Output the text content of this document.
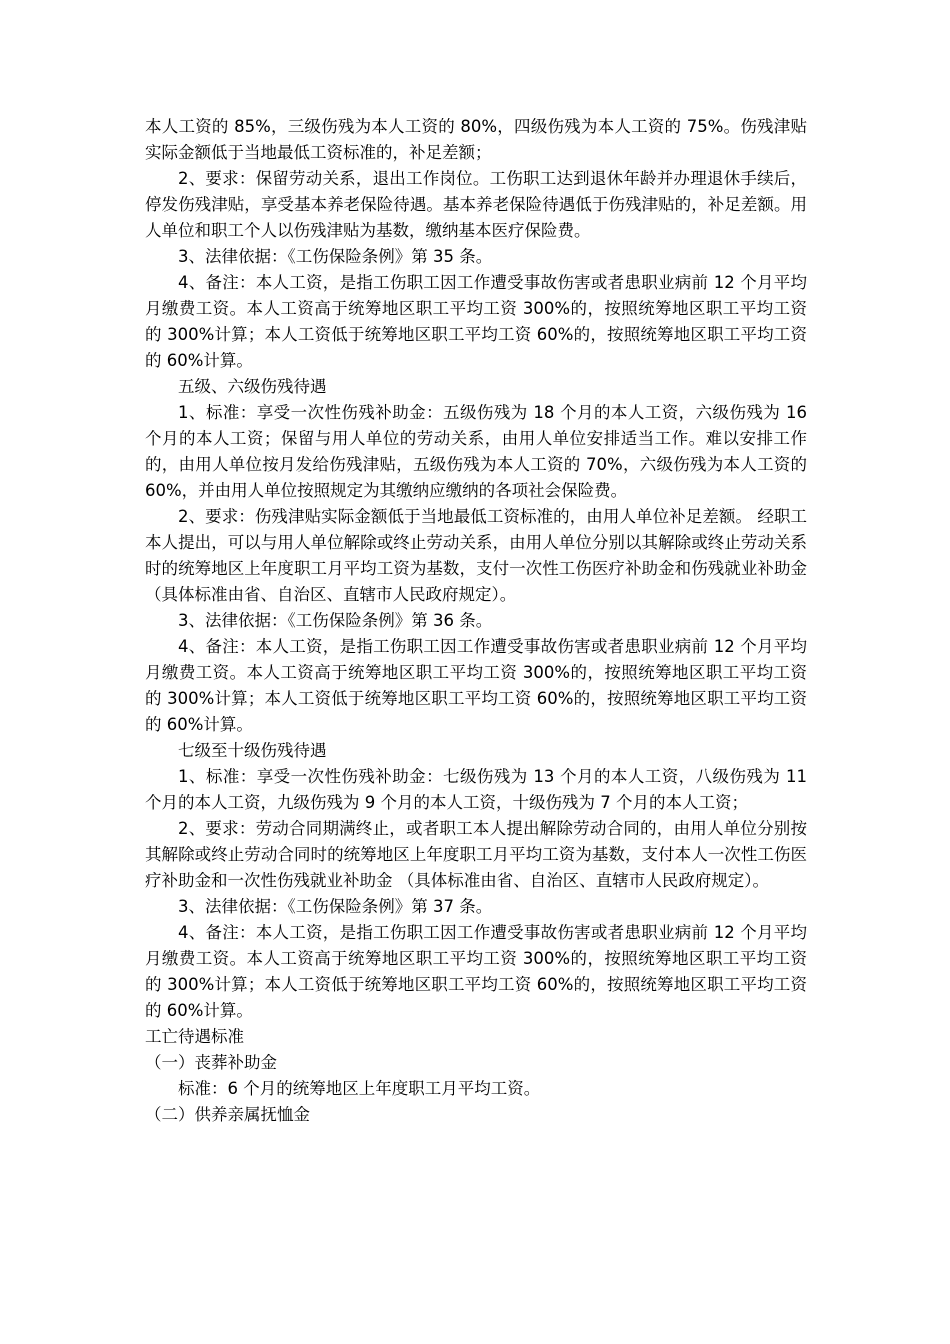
本人工资的 85%，三级伤残为本人工资的 80%，四级伤残为本人工资的 75%。伤残津贴实际金额低于当地最低工资标准的，补足差额；

2、要求：保留劳动关系，退出工作岗位。工伤职工达到退休年龄并办理退休手续后，停发伤残津贴，享受基本养老保险待遇。基本养老保险待遇低于伤残津贴的，补足差额。用人单位和职工个人以伤残津贴为基数，缴纳基本医疗保险费。

3、法律依据：《工伤保险条例》第 35 条。

4、备注：本人工资，是指工伤职工因工作遭受事故伤害或者患职业病前 12 个月平均月缴费工资。本人工资高于统筹地区职工平均工资 300%的，按照统筹地区职工平均工资的 300%计算；本人工资低于统筹地区职工平均工资 60%的，按照统筹地区职工平均工资的 60%计算。

五级、六级伤残待遇

1、标准：享受一次性伤残补助金：五级伤残为 18 个月的本人工资，六级伤残为 16 个月的本人工资；保留与用人单位的劳动关系，由用人单位安排适当工作。难以安排工作的，由用人单位按月发给伤残津贴，五级伤残为本人工资的 70%，六级伤残为本人工资的 60%，并由用人单位按照规定为其缴纳应缴纳的各项社会保险费。

2、要求：伤残津贴实际金额低于当地最低工资标准的，由用人单位补足差额。 经职工本人提出，可以与用人单位解除或终止劳动关系，由用人单位分别以其解除或终止劳动关系时的统筹地区上年度职工月平均工资为基数，支付一次性工伤医疗补助金和伤残就业补助金（具体标准由省、自治区、直辖市人民政府规定）。

3、法律依据：《工伤保险条例》第 36 条。

4、备注：本人工资，是指工伤职工因工作遭受事故伤害或者患职业病前 12 个月平均月缴费工资。本人工资高于统筹地区职工平均工资 300%的，按照统筹地区职工平均工资的 300%计算；本人工资低于统筹地区职工平均工资 60%的，按照统筹地区职工平均工资的 60%计算。

七级至十级伤残待遇

1、标准：享受一次性伤残补助金：七级伤残为 13 个月的本人工资，八级伤残为 11 个月的本人工资，九级伤残为 9 个月的本人工资，十级伤残为 7 个月的本人工资；

2、要求：劳动合同期满终止，或者职工本人提出解除劳动合同的，由用人单位分别按其解除或终止劳动合同时的统筹地区上年度职工月平均工资为基数，支付本人一次性工伤医疗补助金和一次性伤残就业补助金 （具体标准由省、自治区、直辖市人民政府规定）。

3、法律依据：《工伤保险条例》第 37 条。

4、备注：本人工资，是指工伤职工因工作遭受事故伤害或者患职业病前 12 个月平均月缴费工资。本人工资高于统筹地区职工平均工资 300%的，按照统筹地区职工平均工资的 300%计算；本人工资低于统筹地区职工平均工资 60%的，按照统筹地区职工平均工资的 60%计算。

工亡待遇标准

（一）丧葬补助金

标准：6 个月的统筹地区上年度职工月平均工资。

（二）供养亲属抚恤金
